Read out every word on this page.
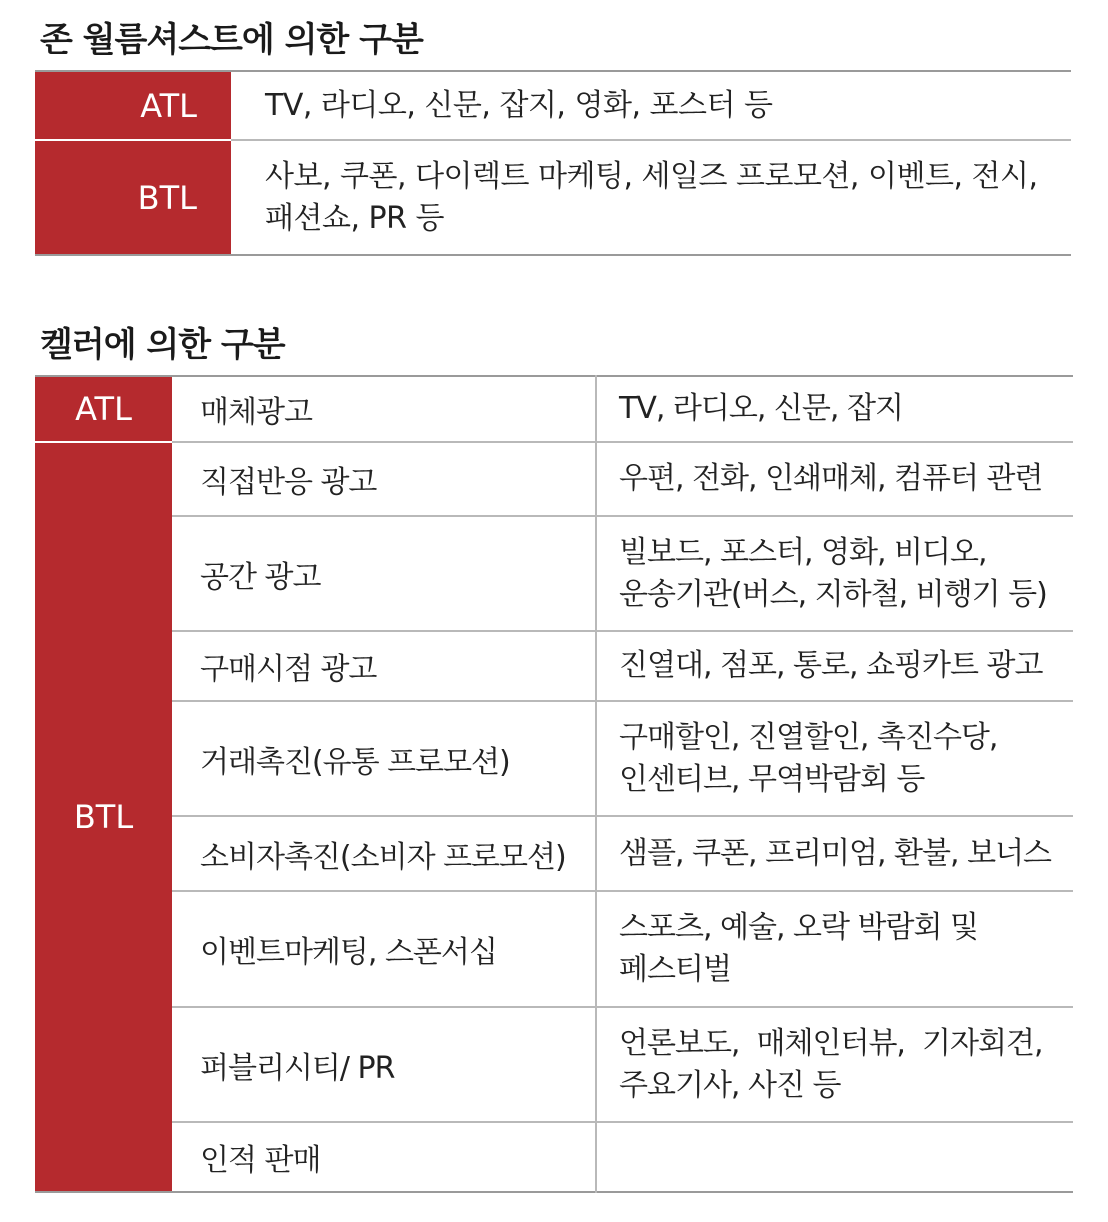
존 월름셔스트에 의한 구분
ATL	TV, 라디오, 신문, 잡지, 영화, 포스터 등
BTL	사보, 쿠폰, 다이렉트 마케팅, 세일즈 프로모션, 이벤트, 전시,
패션쇼, PR 등
켈러에 의한 구분
ATL	매체광고	TV, 라디오, 신문, 잡지

BTL	직접반응 광고	우편, 전화, 인쇄매체, 컴퓨터 관련

	공간 광고	빌보드, 포스터, 영화, 비디오,
운송기관(버스, 지하철, 비행기 등)

	구매시점 광고	진열대, 점포, 통로, 쇼핑카트 광고

	거래촉진(유통 프로모션)	구매할인, 진열할인, 촉진수당,
인센티브, 무역박람회 등

	소비자촉진(소비자 프로모션)	샘플, 쿠폰, 프리미엄, 환불, 보너스

	이벤트마케팅, 스폰서십	스포츠, 예술, 오락 박람회 및
페스티벌

	퍼블리시티/ PR	언론보도,  매체인터뷰,  기자회견,
주요기사, 사진 등

	인적 판매	
